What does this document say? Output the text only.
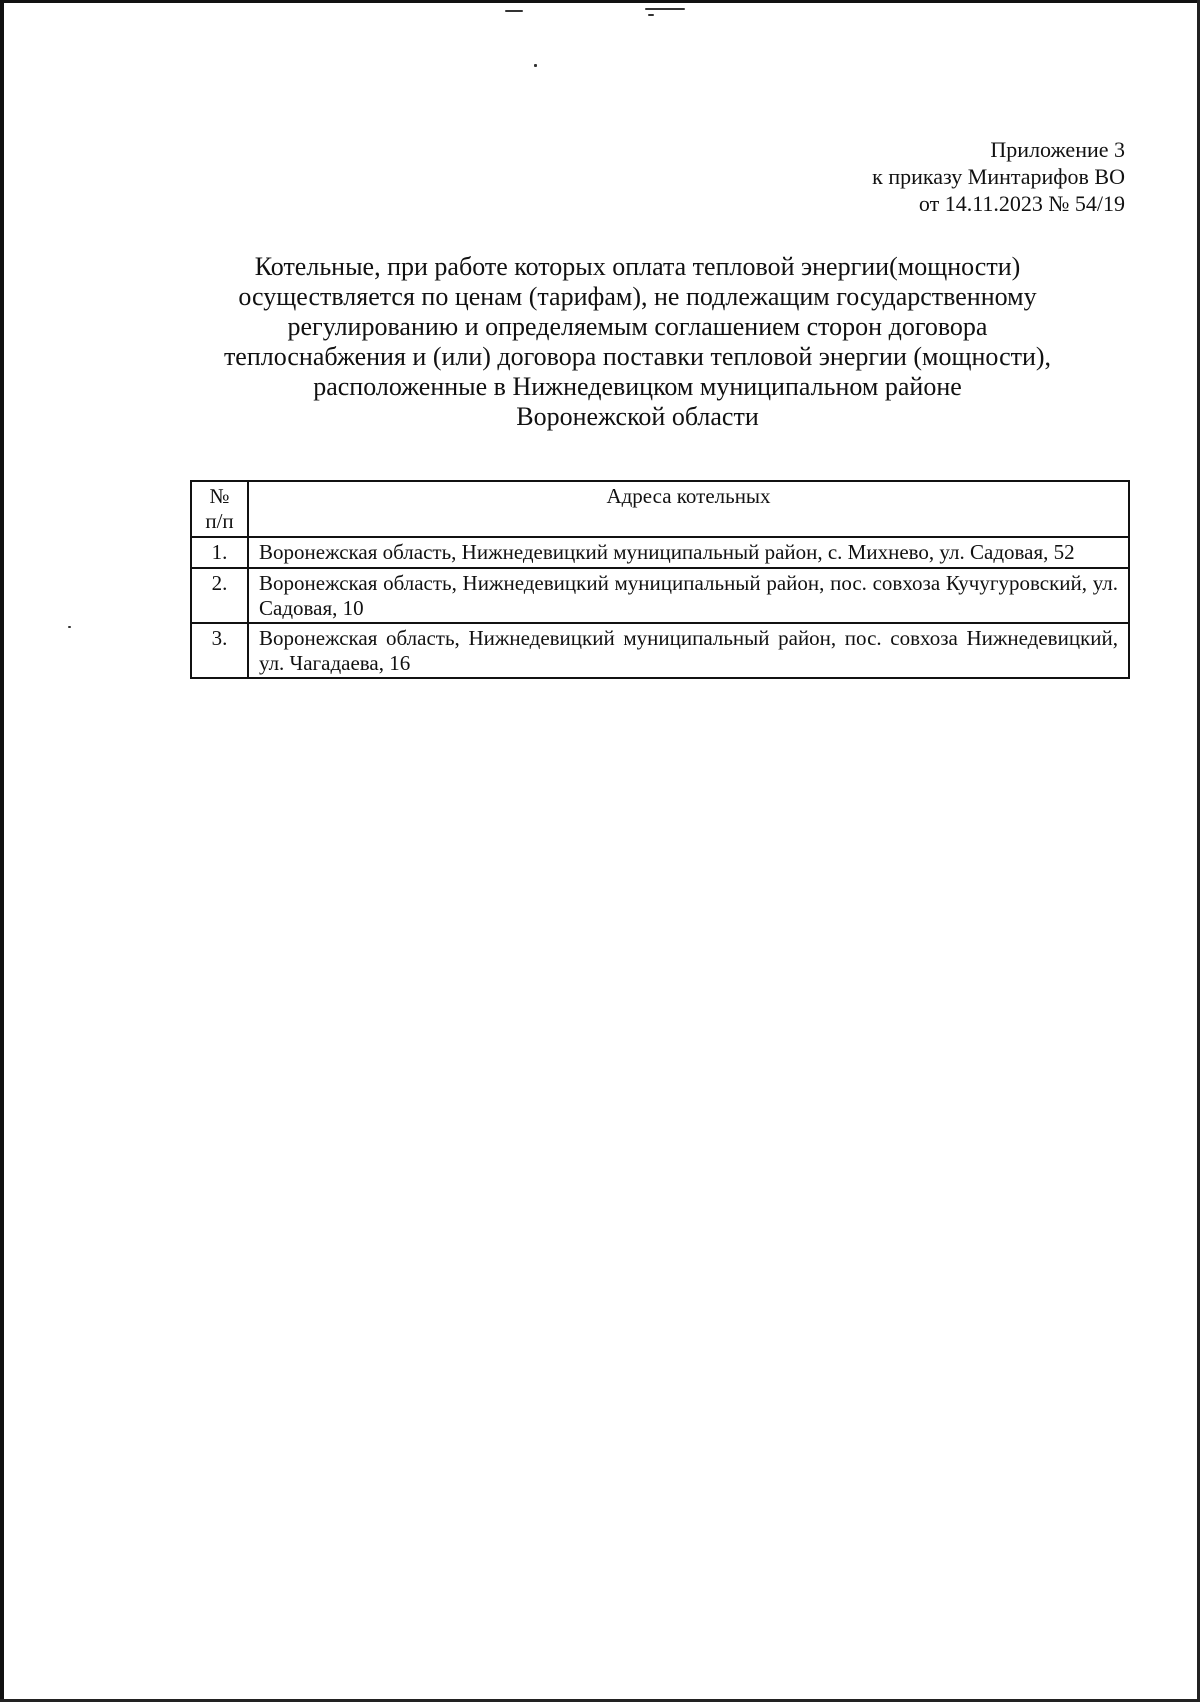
Приложение 3
к приказу Минтарифов ВО
от 14.11.2023 № 54/19
Котельные, при работе которых оплата тепловой энергии(мощности)
осуществляется по ценам (тарифам), не подлежащим государственному
регулированию и определяемым соглашением сторон договора
теплоснабжения и (или) договора поставки тепловой энергии (мощности),
расположенные в Нижнедевицком муниципальном районе
Воронежской области
№
п/п	Адреса котельных
1.	Воронежская область, Нижнедевицкий муниципальный район, с. Михнево, ул. Садовая, 52
2.	Воронежская область, Нижнедевицкий муниципальный район, пос. совхоза Кучугуровский, ул. Садовая, 10
3.	Воронежская область, Нижнедевицкий муниципальный район, пос. совхоза Нижнедевицкий, ул. Чагадаева, 16
